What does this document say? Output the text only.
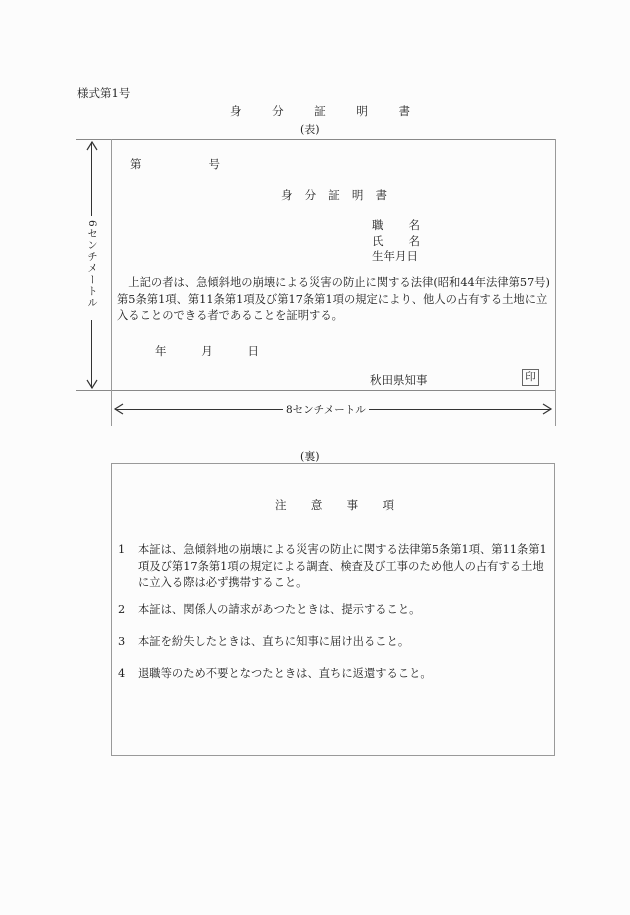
様式第1号
身	分	証	明	書
(表)
第	号
身 分 証 明 書
職 名
氏 名
生年月日
上記の者は、急傾斜地の崩壊による災害の防止に関する法律(昭和44年法律第57号)第5条第1項、第11条第1項及び第17条第1項の規定により、他人の占有する土地に立入ることのできる者であることを証明する。
年	月	日
秋田県知事	印
6センチメートル
8センチメートル
(裏)
注 意 事 項
1	本証は、急傾斜地の崩壊による災害の防止に関する法律第5条第1項、第11条第1項及び第17条第1項の規定による調査、検査及び工事のため他人の占有する土地に立入る際は必ず携帯すること。
2	本証は、関係人の請求があつたときは、提示すること。
3	本証を紛失したときは、直ちに知事に届け出ること。
4	退職等のため不要となつたときは、直ちに返還すること。
